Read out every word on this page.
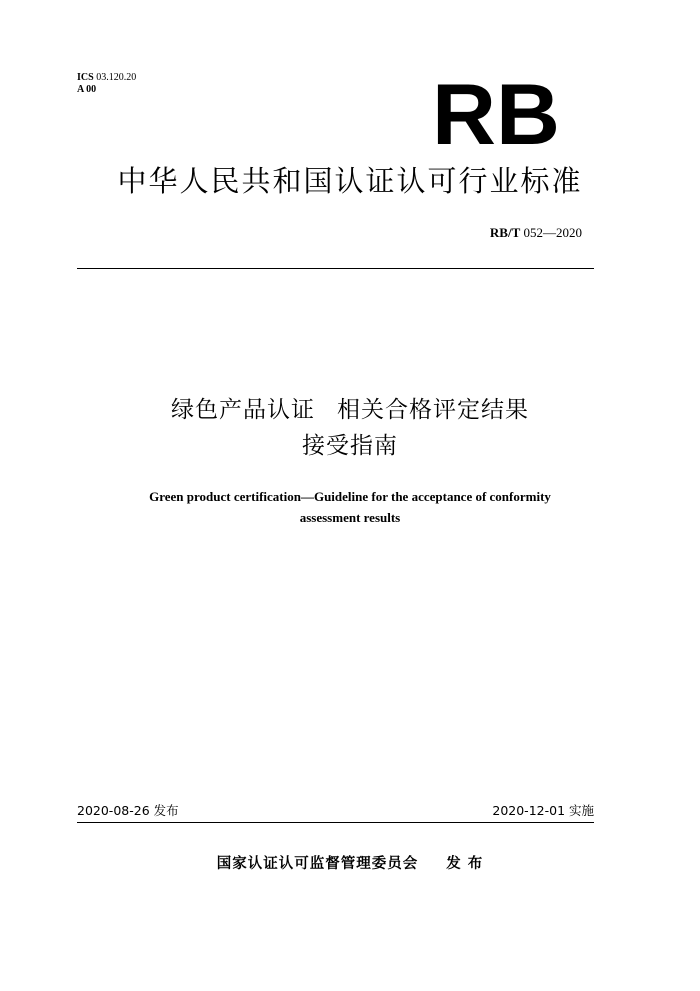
ICS 03.120.20
A 00	RB
中华人民共和国认证认可行业标准
RB/T 052—2020
绿色产品认证 相关合格评定结果
接受指南
Green product certification—Guideline for the acceptance of conformity
assessment results
2020-08-26 发布	2020-12-01 实施
国家认证认可监督管理委员会 发 布
